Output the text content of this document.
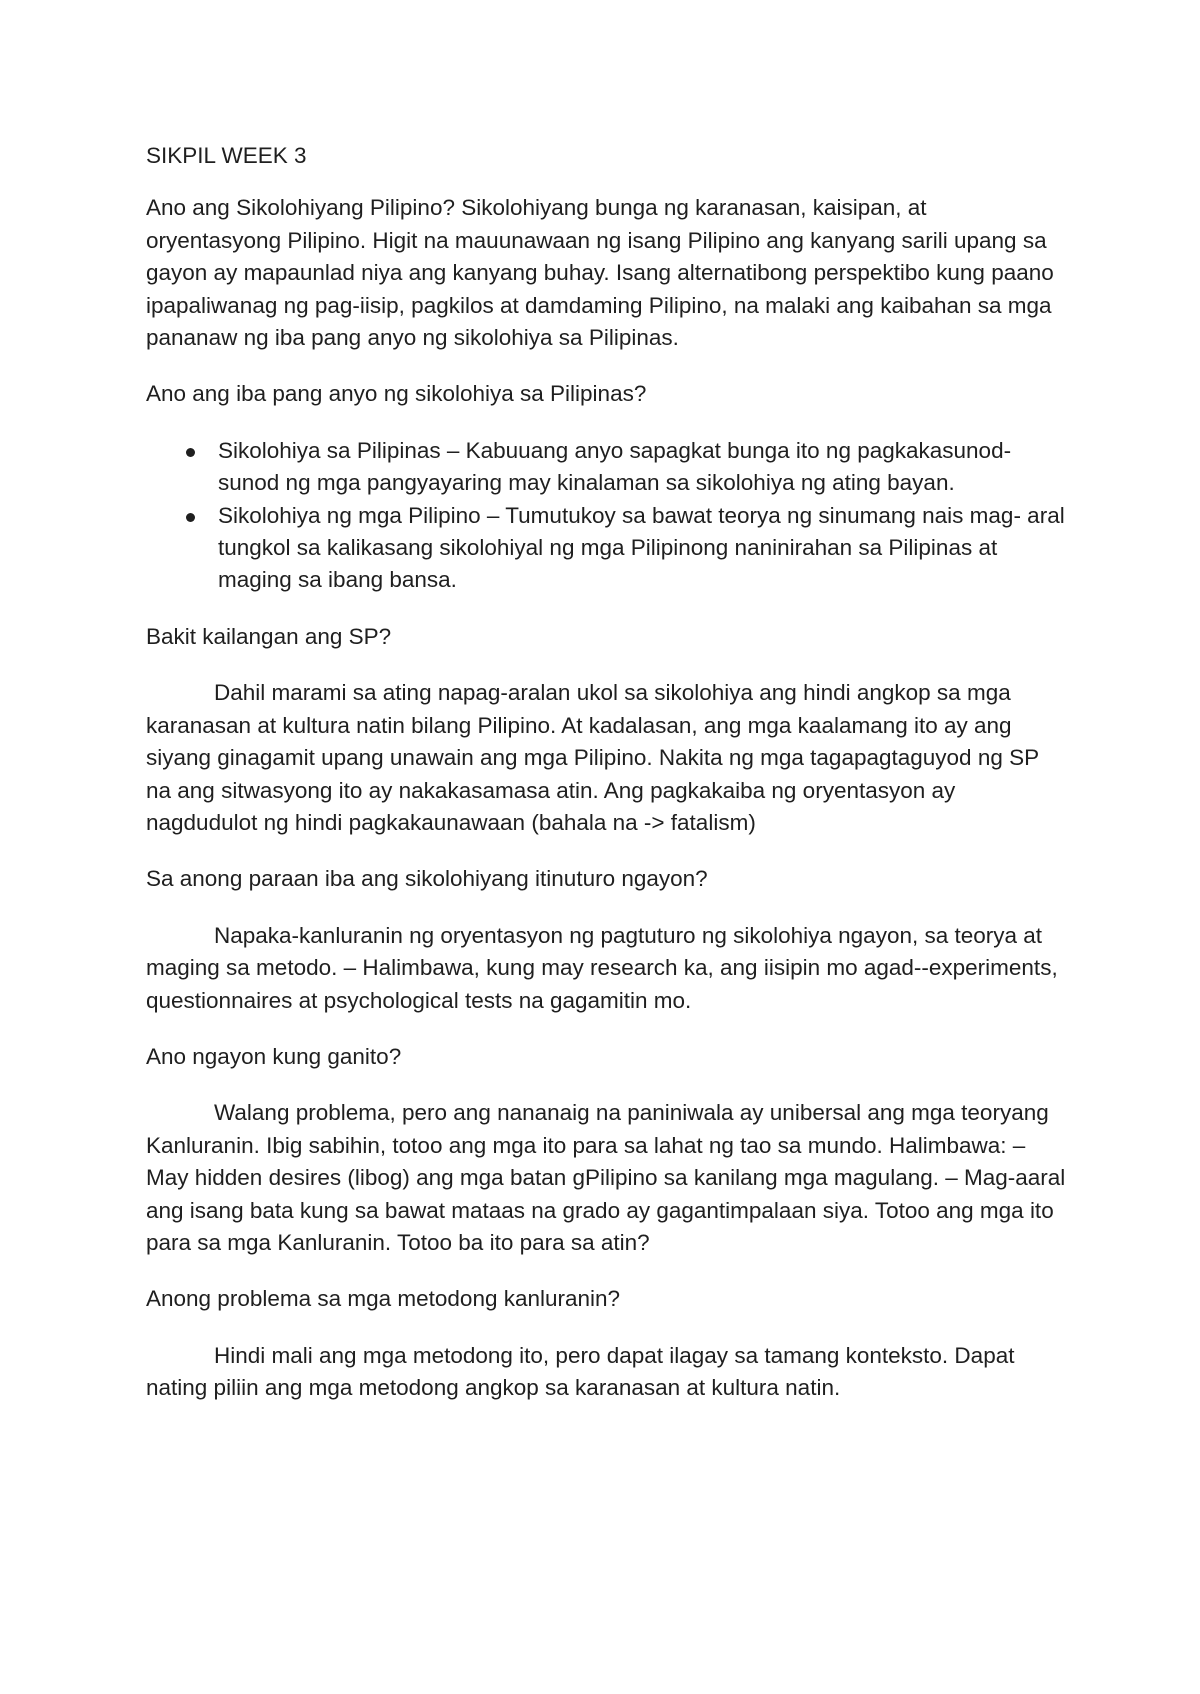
SIKPIL WEEK 3

Ano ang Sikolohiyang Pilipino? Sikolohiyang bunga ng karanasan, kaisipan, at oryentasyong Pilipino. Higit na mauunawaan ng isang Pilipino ang kanyang sarili upang sa gayon ay mapaunlad niya ang kanyang buhay. Isang alternatibong perspektibo kung paano ipapaliwanag ng pag-iisip, pagkilos at damdaming Pilipino, na malaki ang kaibahan sa mga pananaw ng iba pang anyo ng sikolohiya sa Pilipinas.

Ano ang iba pang anyo ng sikolohiya sa Pilipinas?

Sikolohiya sa Pilipinas – Kabuuang anyo sapagkat bunga ito ng pagkakasunod- sunod ng mga pangyayaring may kinalaman sa sikolohiya ng ating bayan.
Sikolohiya ng mga Pilipino – Tumutukoy sa bawat teorya ng sinumang nais mag- aral tungkol sa kalikasang sikolohiyal ng mga Pilipinong naninirahan sa Pilipinas at maging sa ibang bansa.

Bakit kailangan ang SP?

Dahil marami sa ating napag-aralan ukol sa sikolohiya ang hindi angkop sa mga karanasan at kultura natin bilang Pilipino. At kadalasan, ang mga kaalamang ito ay ang siyang ginagamit upang unawain ang mga Pilipino. Nakita ng mga tagapagtaguyod ng SP na ang sitwasyong ito ay nakakasamasa atin. Ang pagkakaiba ng oryentasyon ay nagdudulot ng hindi pagkakaunawaan (bahala na -> fatalism)

Sa anong paraan iba ang sikolohiyang itinuturo ngayon?

Napaka-kanluranin ng oryentasyon ng pagtuturo ng sikolohiya ngayon, sa teorya at maging sa metodo. – Halimbawa, kung may research ka, ang iisipin mo agad--experiments, questionnaires at psychological tests na gagamitin mo.

Ano ngayon kung ganito?

Walang problema, pero ang nananaig na paniniwala ay unibersal ang mga teoryang Kanluranin. Ibig sabihin, totoo ang mga ito para sa lahat ng tao sa mundo. Halimbawa: – May hidden desires (libog) ang mga batan gPilipino sa kanilang mga magulang. – Mag-aaral ang isang bata kung sa bawat mataas na grado ay gagantimpalaan siya. Totoo ang mga ito para sa mga Kanluranin. Totoo ba ito para sa atin?

Anong problema sa mga metodong kanluranin?

Hindi mali ang mga metodong ito, pero dapat ilagay sa tamang konteksto. Dapat nating piliin ang mga metodong angkop sa karanasan at kultura natin.
